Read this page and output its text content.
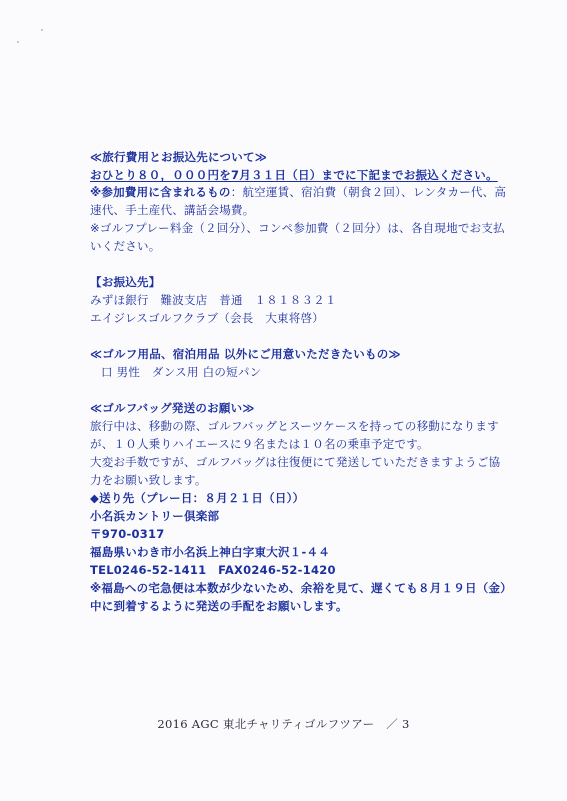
'
'
≪旅行費用とお振込先について≫
おひとり８０，０００円を7月３１日（日）までに下記までお振込ください。
※参加費用に含まれるもの：航空運賃、宿泊費（朝食２回）、レンタカー代、高
速代、手土産代、講話会場費。
※ゴルフプレー料金（２回分）、コンペ参加費（２回分）は、各自現地でお支払
いください。
【お振込先】
みずほ銀行　難波支店　普通　１８１８３２１
エイジレスゴルフクラブ（会長　大東将啓）
≪ゴルフ用品、宿泊用品 以外にご用意いただきたいもの≫
口 男性　ダンス用 白の短パン
≪ゴルフバッグ発送のお願い≫
旅行中は、移動の際、ゴルフバッグとスーツケースを持っての移動になります
が、１０人乗りハイエースに９名または１０名の乗車予定です。
大変お手数ですが、ゴルフバッグは往復便にて発送していただきますようご協
力をお願い致します。
◆送り先（プレー日：８月２１日（日））
小名浜カントリー倶楽部
〒970-0317
福島県いわき市小名浜上神白字東大沢１-４４
TEL0246-52-1411　FAX0246-52-1420
※福島への宅急便は本数が少ないため、余裕を見て、遅くても８月１９日（金）
中に到着するように発送の手配をお願いします。
2016 AGC 東北チャリティゴルフツアー　／ 3
